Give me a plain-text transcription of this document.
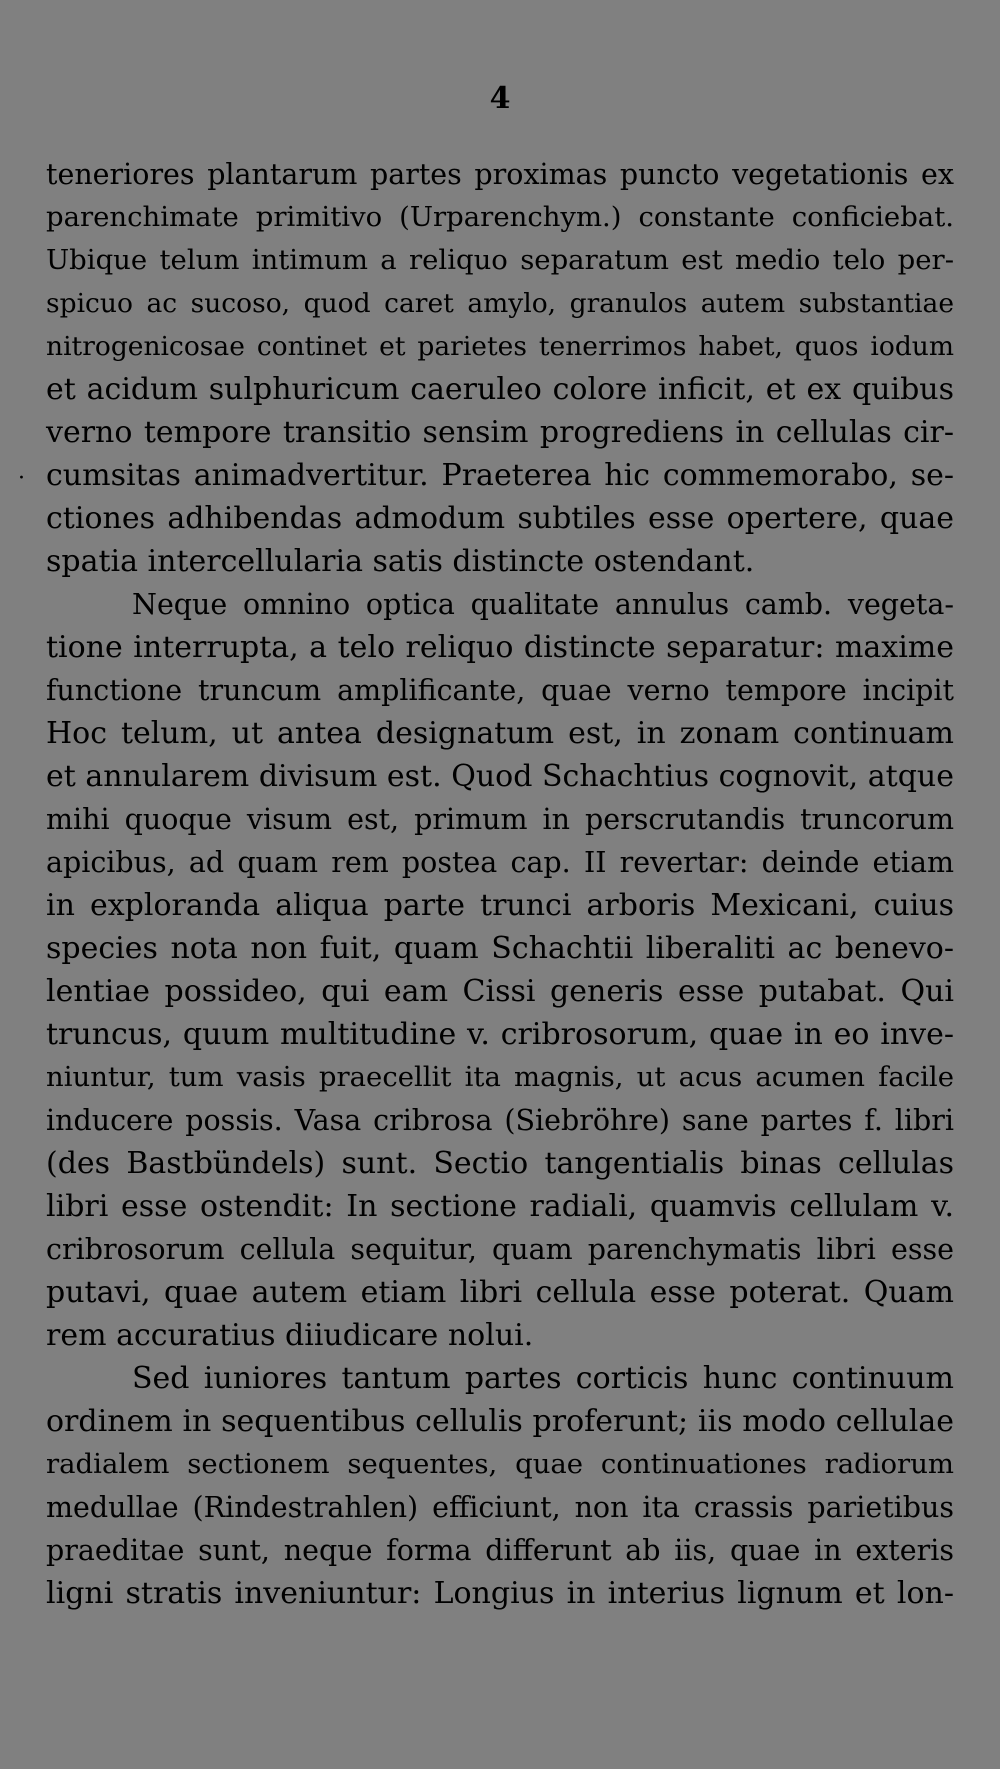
4

·
teneriores plantarum partes proximas puncto vegetationis ex
parenchimate primitivo (Urparenchym.) constante conficiebat.
Ubique telum intimum a reliquo separatum est medio telo per-
spicuo ac sucoso, quod caret amylo, granulos autem substantiae
nitrogenicosae continet et parietes tenerrimos habet, quos iodum
et acidum sulphuricum caeruleo colore inficit, et ex quibus
verno tempore transitio sensim progrediens in cellulas cir-
cumsitas animadvertitur. Praeterea hic commemorabo, se-
ctiones adhibendas admodum subtiles esse opertere, quae
spatia intercellularia satis distincte ostendant.
Neque omnino optica qualitate annulus camb. vegeta-
tione interrupta, a telo reliquo distincte separatur: maxime
functione truncum amplificante, quae verno tempore incipit
Hoc telum, ut antea designatum est, in zonam continuam
et annularem divisum est. Quod Schachtius cognovit, atque
mihi quoque visum est, primum in perscrutandis truncorum
apicibus, ad quam rem postea cap. II revertar: deinde etiam
in exploranda aliqua parte trunci arboris Mexicani, cuius
species nota non fuit, quam Schachtii liberaliti ac benevo-
lentiae possideo, qui eam Cissi generis esse putabat. Qui
truncus, quum multitudine v. cribrosorum, quae in eo inve-
niuntur, tum vasis praecellit ita magnis, ut acus acumen facile
inducere possis. Vasa cribrosa (Siebröhre) sane partes f. libri
(des Bastbündels) sunt. Sectio tangentialis binas cellulas
libri esse ostendit: In sectione radiali, quamvis cellulam v.
cribrosorum cellula sequitur, quam parenchymatis libri esse
putavi, quae autem etiam libri cellula esse poterat. Quam
rem accuratius diiudicare nolui.
Sed iuniores tantum partes corticis hunc continuum
ordinem in sequentibus cellulis proferunt; iis modo cellulae
radialem sectionem sequentes, quae continuationes radiorum
medullae (Rindestrahlen) efficiunt, non ita crassis parietibus
praeditae sunt, neque forma differunt ab iis, quae in exteris
ligni stratis inveniuntur: Longius in interius lignum et lon-
